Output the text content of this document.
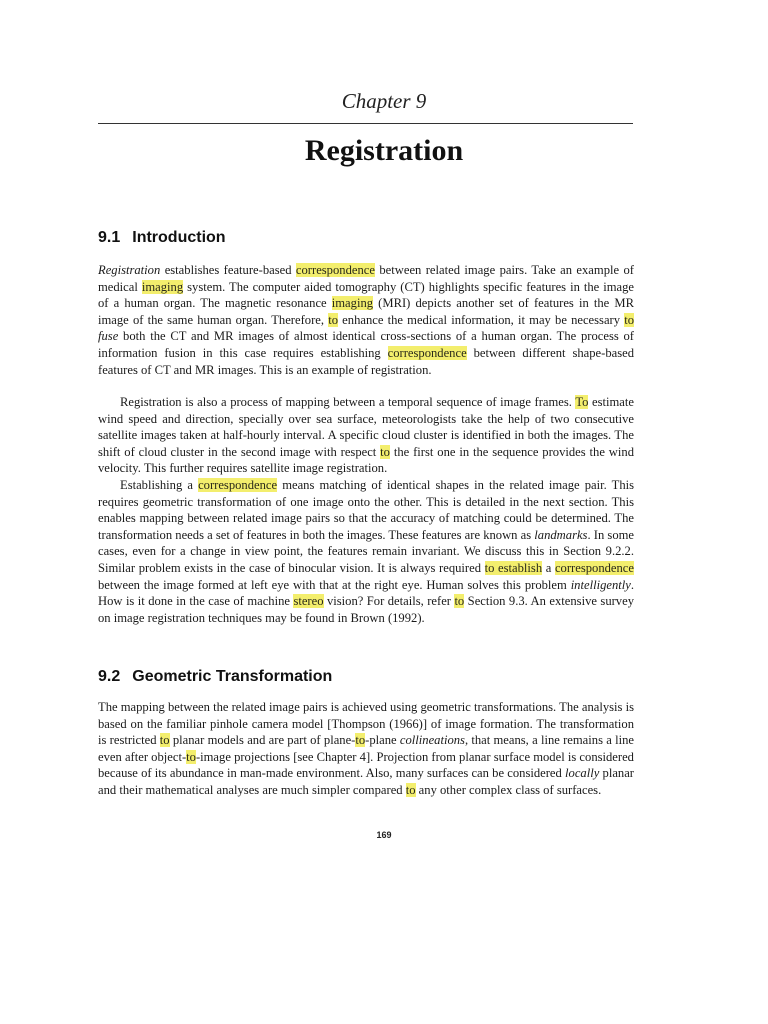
Chapter 9
Registration
9.1 Introduction
Registration establishes feature-based correspondence between related image pairs. Take an example of medical imaging system. The computer aided tomography (CT) highlights specific features in the image of a human organ. The magnetic resonance imaging (MRI) depicts another set of features in the MR image of the same human organ. Therefore, to enhance the medical information, it may be necessary to fuse both the CT and MR images of almost identical cross-sections of a human organ. The process of information fusion in this case requires establishing correspondence between different shape-based features of CT and MR images. This is an example of registration.
Registration is also a process of mapping between a temporal sequence of image frames. To estimate wind speed and direction, specially over sea surface, meteorologists take the help of two consecutive satellite images taken at half-hourly interval. A specific cloud cluster is identified in both the images. The shift of cloud cluster in the second image with respect to the first one in the sequence provides the wind velocity. This further requires satellite image registration.
Establishing a correspondence means matching of identical shapes in the related image pair. This requires geometric transformation of one image onto the other. This is detailed in the next section. This enables mapping between related image pairs so that the accuracy of matching could be determined. The transformation needs a set of features in both the images. These features are known as landmarks. In some cases, even for a change in view point, the features remain invariant. We discuss this in Section 9.2.2. Similar problem exists in the case of binocular vision. It is always required to establish a correspondence between the image formed at left eye with that at the right eye. Human solves this problem intelligently. How is it done in the case of machine stereo vision? For details, refer to Section 9.3. An extensive survey on image registration techniques may be found in Brown (1992).
9.2 Geometric Transformation
The mapping between the related image pairs is achieved using geometric transformations. The analysis is based on the familiar pinhole camera model [Thompson (1966)] of image formation. The transformation is restricted to planar models and are part of plane-to-plane collineations, that means, a line remains a line even after object-to-image projections [see Chapter 4]. Projection from planar surface model is considered because of its abundance in man-made environment. Also, many surfaces can be considered locally planar and their mathematical analyses are much simpler compared to any other complex class of surfaces.
169
